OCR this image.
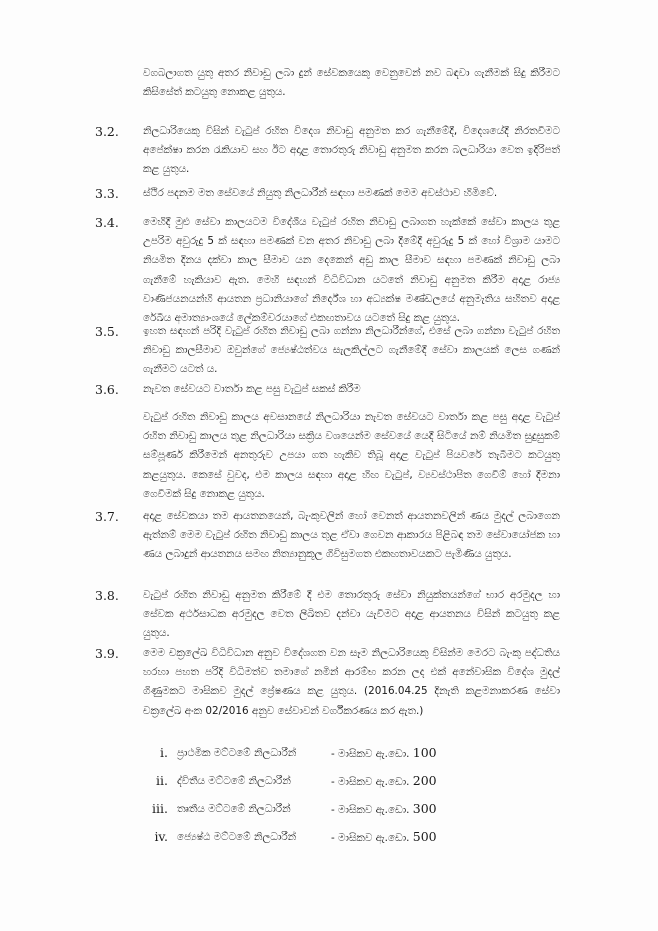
වගබලාගත යුතු අතර නිවාඩු ලබා දුන් සේවකයෙකු වෙනුවෙන් නව බඳවා ගැනීමක් සිදු කිරීමට කිසිසේත් කටයුතු නොකළ යුතුය.
3.2. නිලධාරියෙකු විසින් වැටුප් රහිත විදෙශ නිවාඩු අනුමත කර ගැනීමේදී, විදෙශයේදී නිරතවීමට අපේක්ෂා කරන රැකියාව සහ ඊට අදාළ තොරතුරු නිවාඩු අනුමත කරන බලධාරියා වෙත ඉදිරිපත් කළ යුතුය.
3.3. ස්ථිර පදනම මත සේවයේ නියුතු නිලධාරීන් සඳහා පමණක් මෙම අවස්ථාව හිමිවේ.
3.4. මෙහිදී මුළු සේවා කාලයටම විදේශීය වැටුප් රහිත නිවාඩු ලබාගත හැක්කේ සේවා කාලය තුළ උපරිම අවුරුදු 5 ක් සඳහා පමණක් වන අතර නිවාඩු ලබා දීමේදී අවුරුදු 5 ක් හෝ විශ්‍රාම යාමට නියමිත දිනය දක්වා කාල සීමාව යන දෙකෙන් අඩු කාල සීමාව සඳහා පමණක් නිවාඩු ලබා ගැනීමේ හැකියාව ඇත. මෙහි සඳහන් විධිවිධාන යටතේ නිවාඩු අනුමත කිරීම අදාළ රාජ්‍ය වාණිජයනයන්හි ආයතන ප්‍රධානියාගේ නිර්දේශ හා අධ්‍යක්ෂ මණ්ඩලයේ අනුමැතිය සහිතව අදාළ රේඛීය අමාත්‍යාංශයේ ලේකම්වරයාගේ එකඟතාවය යටතේ සිදු කළ යුතුය.
3.5. ඉහත සඳහන් පරිදි වැටුප් රහිත නිවාඩු ලබා ගන්නා නිලධාරීන්ගේ, එසේ ලබා ගන්නා වැටුප් රහිත නිවාඩු කාලසීමාව ඔවුන්ගේ ජ්‍යෙෂ්ඨත්වය සැලකිල්ලට ගැනීමේදී සේවා කාලයක් ලෙස ගණන් ගැනීමට යටත් ය.
3.6. නැවත සේවයට වාර්තා කළ පසු වැටුප් සකස් කිරීම
වැටුප් රහිත නිවාඩු කාලය අවසානයේ නිලධාරියා නැවත සේවයට වාර්තා කළ පසු අදාළ වැටුප් රහිත නිවාඩු කාලය තුළ නිලධාරියා සක්‍රිය වශයෙන්ම සේවයේ යෙදී සිටියේ නම් නියමිත සුදුසුකම් සම්පූර්ණ කිරීමෙන් අනතුරුව උපයා ගත හැකිව තිබූ අදාළ වැටුප් පියවරේ තැබීමට කටයුතු කළයුතුය. කෙසේ වුවද, එම කාලය සඳහා අදාළ හිඟ වැටුප්, ව්‍යවස්ථාපිත ගෙවීම් හෝ දීමනා ගෙවීමක් සිදු නොකළ යුතුය.
3.7. අදාළ සේවකයා තම ආයතනයෙන්, බැංකුවලින් හෝ වෙනත් ආයතනවලින් ණය මුදල් ලබාගෙන ඇත්නම් මෙම වැටුප් රහිත නිවාඩු කාලය තුළ ඒවා ගෙවන ආකාරය පිළිබඳ තම සේවායෝජක හා ණය ලබාදුන් ආයතනය සමඟ නිත්‍යානුකූල ගිවිසුමගත එකඟතාවයකට පැමිණිය යුතුය.
3.8. වැටුප් රහිත නිවාඩු අනුමත කිරීමේ දී එම තොරතුරු සේවා නියුක්තයන්ගේ භාර අරමුදල හා සේවක අර්ථසාධක අරමුදල වෙත ලිඛිතව දන්වා යැවීමට අදාළ ආයතනය විසින් කටයුතු කළ යුතුය.
3.9. මෙම චක්‍රලේඛ විධිවිධාන අනුව විදේශගත වන සෑම නිලධාරියෙකු විසින්ම මෙරට බැංකු පද්ධතිය හරහා පහත පරිදි විධිමත්ව තමාගේ නමින් ආරම්භ කරන ලද එක් අනේවාසික විදේශ මුදල් ගිණුමකට මාසිකව මුදල් ප්‍රේෂණය කළ යුතුය. (2016.04.25 දිනැති කළමනාකරණ සේවා චක්‍රලේඛ අංක 02/2016 අනුව සේවාවන් වර්ගීකරණය කර ඇත.)
i. ප්‍රාථමික මට්ටමේ නිලධාරීන්	- මාසිකව ඇ.ඩො. 100
ii. ද්විතීය මට්ටමේ නිලධාරීන්	- මාසිකව ඇ.ඩො. 200
iii. තෘතීය මට්ටමේ නිලධාරීන්	- මාසිකව ඇ.ඩො. 300
iv. ජ්‍යෙෂ්ඨ මට්ටමේ නිලධාරීන්	- මාසිකව ඇ.ඩො. 500
